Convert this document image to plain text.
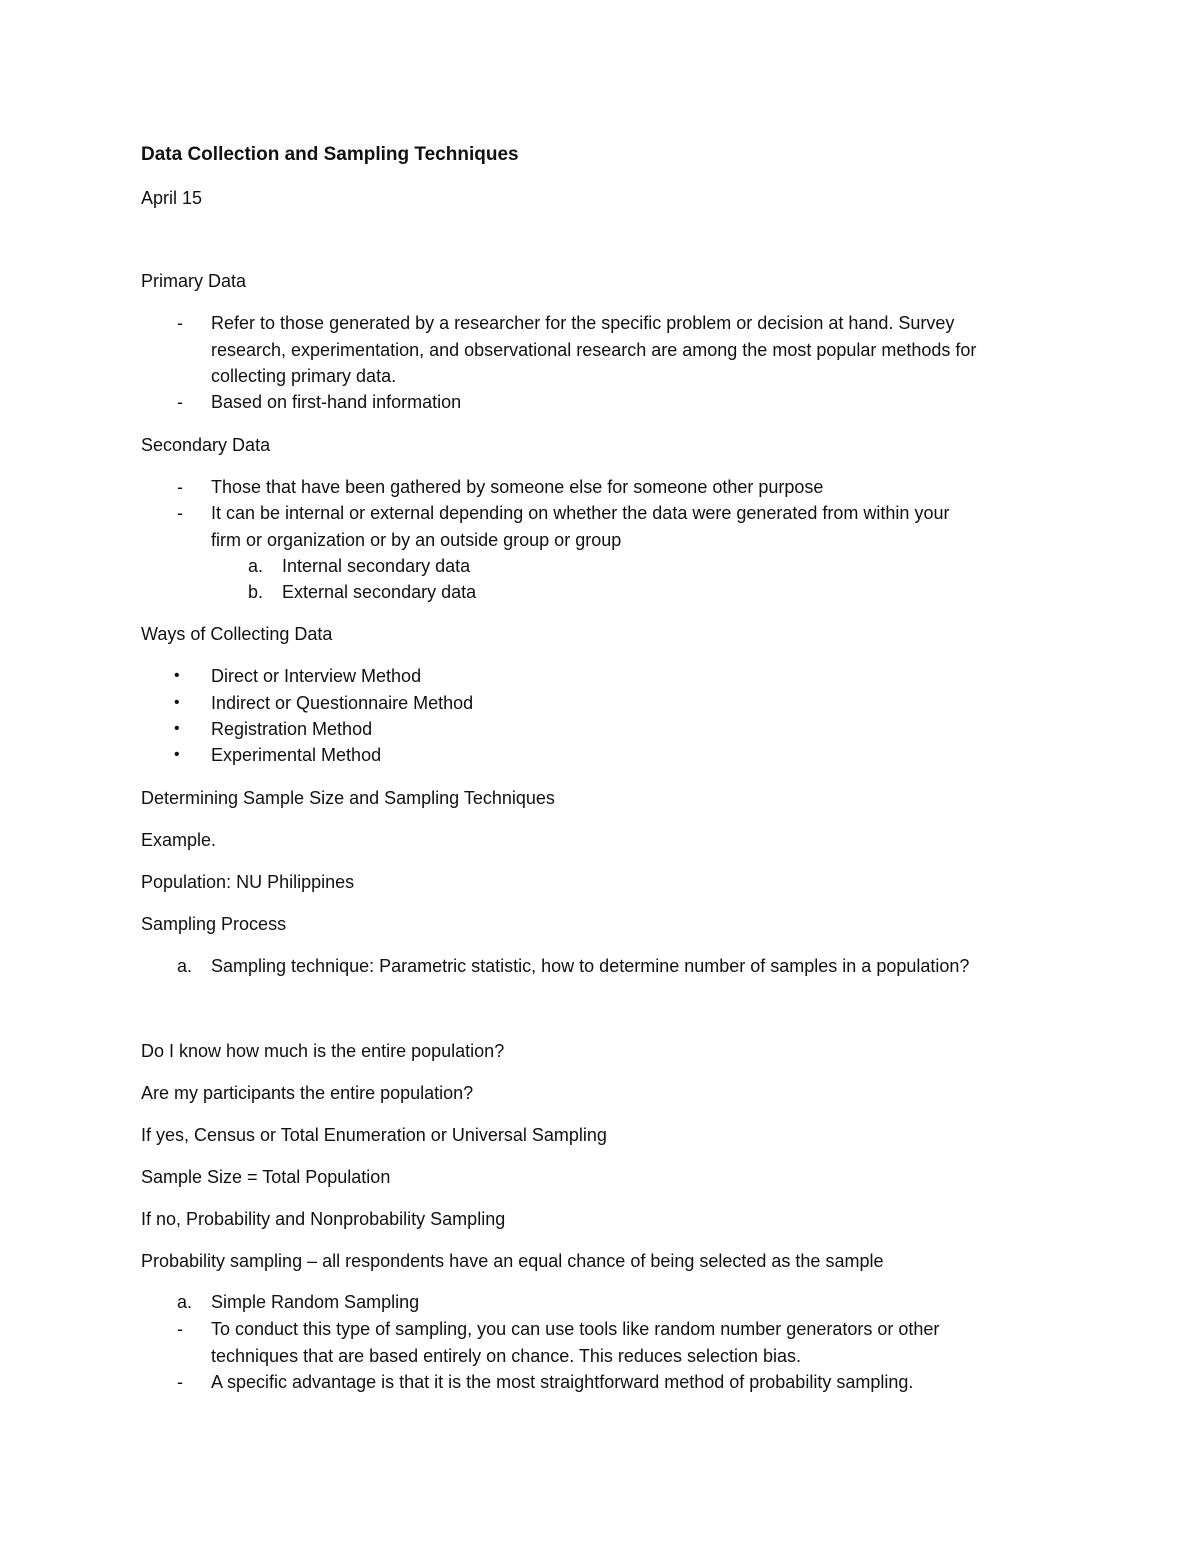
Data Collection and Sampling Techniques
April 15
Primary Data
- Refer to those generated by a researcher for the specific problem or decision at hand. Survey
research, experimentation, and observational research are among the most popular methods for
collecting primary data.
- Based on first-hand information
Secondary Data
- Those that have been gathered by someone else for someone other purpose
- It can be internal or external depending on whether the data were generated from within your
firm or organization or by an outside group or group
a. Internal secondary data
b. External secondary data
Ways of Collecting Data
• Direct or Interview Method
• Indirect or Questionnaire Method
• Registration Method
• Experimental Method
Determining Sample Size and Sampling Techniques
Example.
Population: NU Philippines
Sampling Process
a. Sampling technique: Parametric statistic, how to determine number of samples in a population?
Do I know how much is the entire population?
Are my participants the entire population?
If yes, Census or Total Enumeration or Universal Sampling
Sample Size = Total Population
If no, Probability and Nonprobability Sampling
Probability sampling – all respondents have an equal chance of being selected as the sample
a. Simple Random Sampling
- To conduct this type of sampling, you can use tools like random number generators or other
techniques that are based entirely on chance. This reduces selection bias.
- A specific advantage is that it is the most straightforward method of probability sampling.
